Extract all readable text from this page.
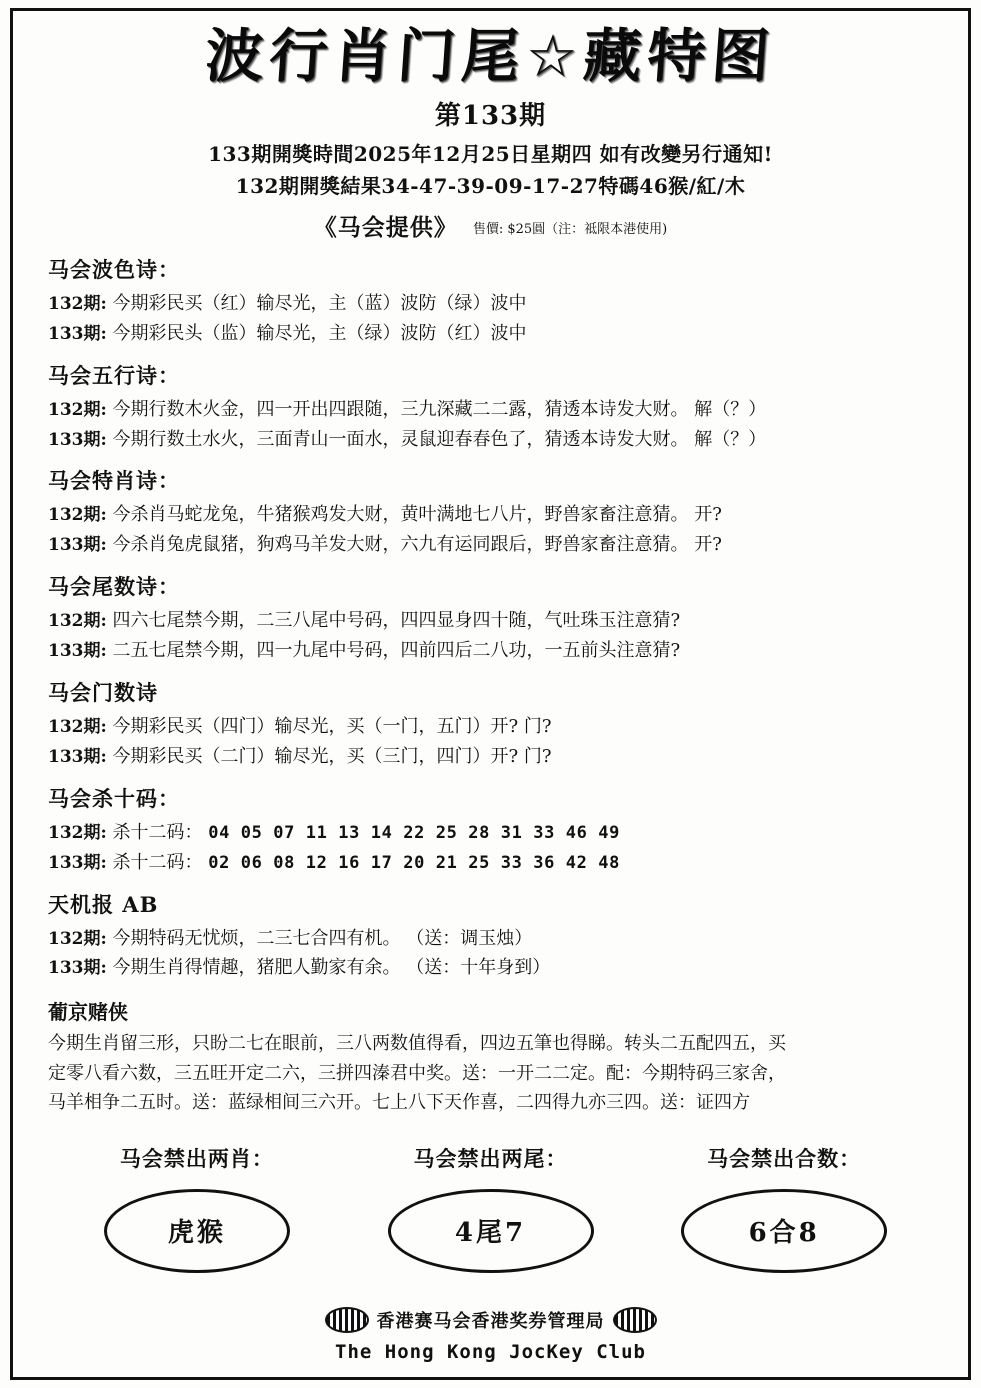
波行肖门尾☆藏特图
第133期
133期開獎時間2025年12月25日星期四 如有改變另行通知!
132期開獎結果34-47-39-09-17-27特碼46猴/紅/木
《马会提供》 售價: $25圓（注：祗限本港使用)
马会波色诗：
132期: 今期彩民买（红）输尽光，主（蓝）波防（绿）波中
133期: 今期彩民头（监）输尽光，主（绿）波防（红）波中
马会五行诗：
132期: 今期行数木火金，四一开出四跟随，三九深藏二二露，猜透本诗发大财。 解（？）
133期: 今期行数土水火，三面青山一面水，灵鼠迎春春色了，猜透本诗发大财。 解（？）
马会特肖诗：
132期: 今杀肖马蛇龙兔，牛猪猴鸡发大财，黄叶满地七八片，野兽家畜注意猜。 开?
133期: 今杀肖兔虎鼠猪，狗鸡马羊发大财，六九有运同跟后，野兽家畜注意猜。 开?
马会尾数诗：
132期: 四六七尾禁今期，二三八尾中号码，四四显身四十随，气吐珠玉注意猜?
133期: 二五七尾禁今期，四一九尾中号码，四前四后二八功，一五前头注意猜?
马会门数诗
132期: 今期彩民买（四门）输尽光，买（一门，五门）开? 门?
133期: 今期彩民买（二门）输尽光，买（三门，四门）开? 门?
马会杀十码：
132期: 杀十二码： 04 05 07 11 13 14 22 25 28 31 33 46 49
133期: 杀十二码： 02 06 08 12 16 17 20 21 25 33 36 42 48
天机报 AB
132期: 今期特码无忧烦，二三七合四有机。 （送：调玉烛）
133期: 今期生肖得情趣，猪肥人勤家有余。 （送：十年身到）
葡京赌侠
今期生肖留三形，只盼二七在眼前，三八两数值得看，四边五筆也得睇。转头二五配四五，买
定零八看六数，三五旺开定二六，三拼四溱君中奖。送：一开二二定。配：今期特码三家舍，
马羊相争二五时。送：蓝绿相间三六开。七上八下天作喜，二四得九亦三四。送：证四方
马会禁出两肖：
虎猴
马会禁出两尾：
4尾7
马会禁出合数：
6合8
香港赛马会香港奖券管理局
The Hong Kong JocKey Club
